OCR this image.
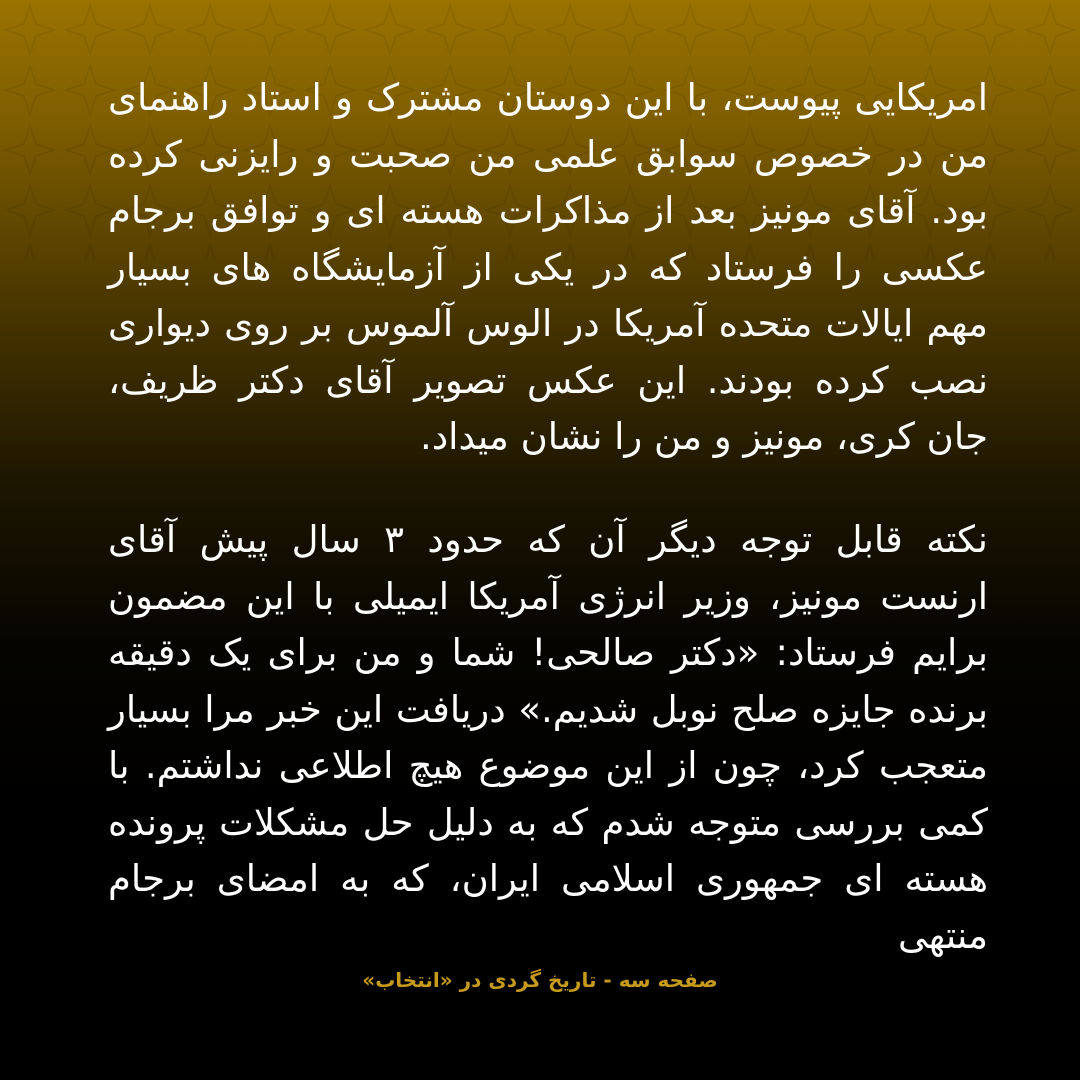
امریکایی پیوست، با این دوستان مشترک و استاد راهنمای من در خصوص سوابق علمی من صحبت و رایزنی کرده بود. آقای مونیز بعد از مذاکرات هسته ای و توافق برجام عکسی را فرستاد که در یکی از آزمایشگاه های بسیار مهم ایالات متحده آمریکا در الوس آلموس بر روی دیواری نصب کرده بودند. این عکس تصویر آقای دکتر ظریف، جان کری، مونیز و من را نشان میداد.

نکته قابل توجه دیگر آن که حدود ۳ سال پیش آقای ارنست مونیز، وزیر انرژی آمریکا ایمیلی با این مضمون برایم فرستاد: «دکتر صالحی! شما و من برای یک دقیقه برنده جایزه صلح نوبل شدیم.» دریافت این خبر مرا بسیار متعجب کرد، چون از این موضوع هیچ اطلاعی نداشتم. با کمی بررسی متوجه شدم که به دلیل حل مشکلات پرونده هسته ای جمهوری اسلامی ایران، که به امضای برجام منتهی

صفحه سه - تاریخ گردی در «انتخاب»
